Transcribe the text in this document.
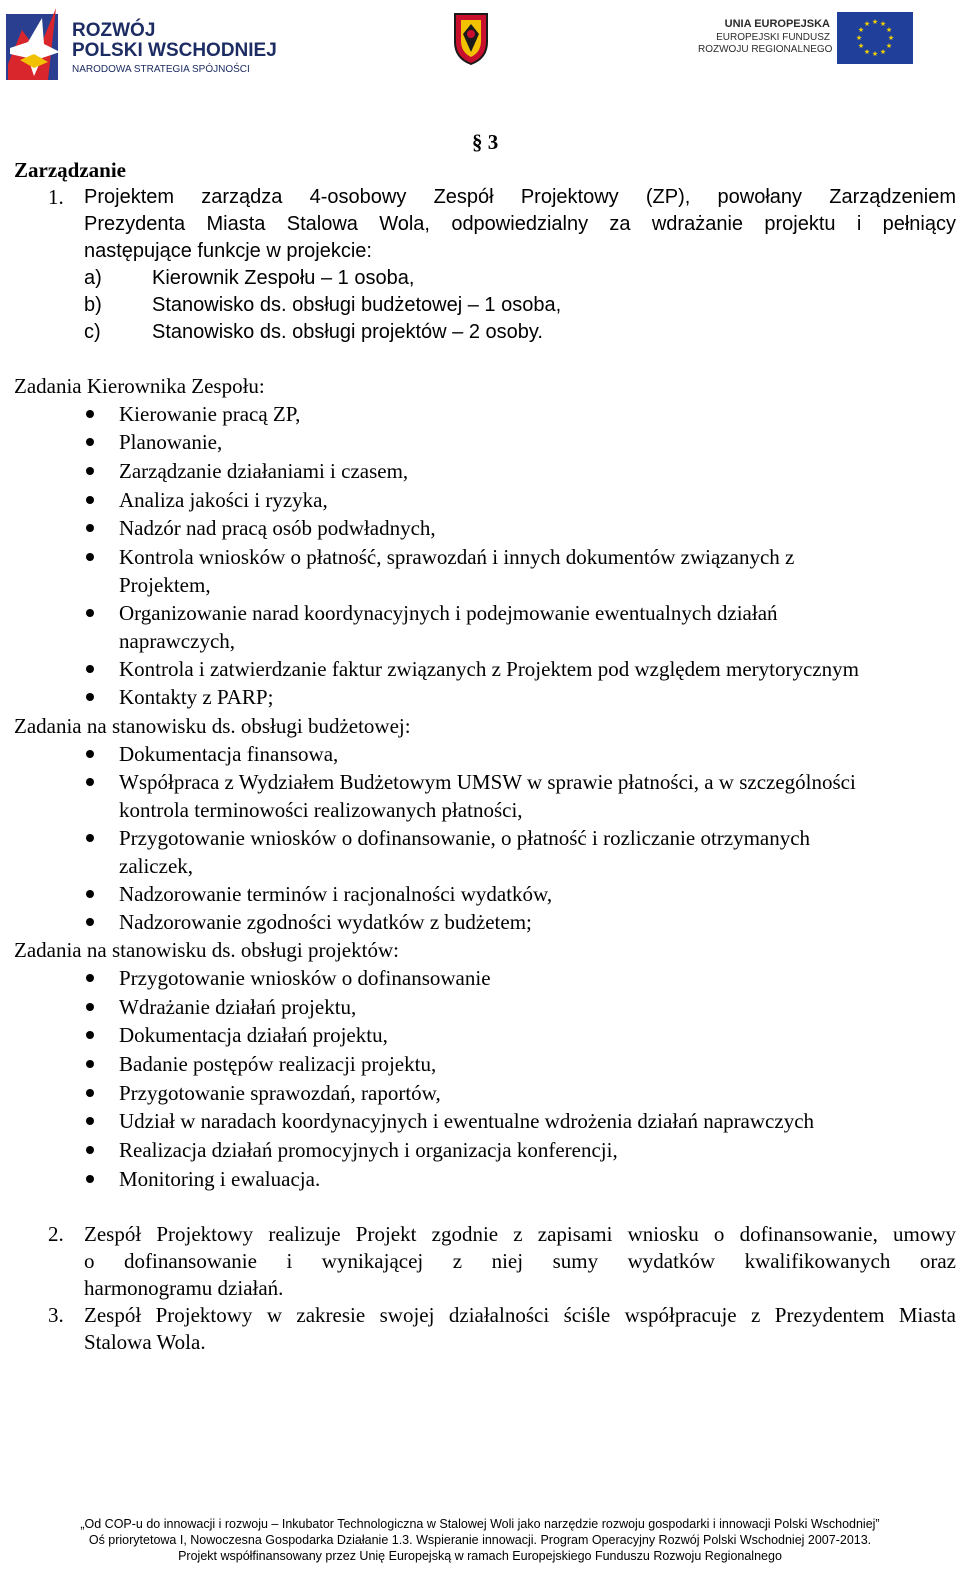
ROZWÓJ
POLSKI WSCHODNIEJ
NARODOWA STRATEGIA SPÓJNOŚCI
UNIA EUROPEJSKA
EUROPEJSKI FUNDUSZ
ROZWOJU REGIONALNEGO
★ ★
★
★
★
★
★
★
★
★
★
★
§ 3
Zarządzanie
1. Projektem zarządza 4-osobowy Zespół Projektowy (ZP), powołany Zarządzeniem
Prezydenta Miasta Stalowa Wola, odpowiedzialny za wdrażanie projektu i pełniący
następujące funkcje w projekcie:
a)	Kierownik Zespołu – 1 osoba,
b)	Stanowisko ds. obsługi budżetowej – 1 osoba,
c)	Stanowisko ds. obsługi projektów – 2 osoby.
Zadania Kierownika Zespołu:
Kierowanie pracą ZP,
Planowanie,
Zarządzanie działaniami i czasem,
Analiza jakości i ryzyka,
Nadzór nad pracą osób podwładnych,
Kontrola wniosków o płatność, sprawozdań i innych dokumentów związanych z
Projektem,
Organizowanie narad koordynacyjnych i podejmowanie ewentualnych działań
naprawczych,
Kontrola i zatwierdzanie faktur związanych z Projektem pod względem merytorycznym
Kontakty z PARP;
Zadania na stanowisku ds. obsługi budżetowej:
Dokumentacja finansowa,
Współpraca z Wydziałem Budżetowym UMSW w sprawie płatności, a w szczególności
kontrola terminowości realizowanych płatności,
Przygotowanie wniosków o dofinansowanie, o płatność i rozliczanie otrzymanych
zaliczek,
Nadzorowanie terminów i racjonalności wydatków,
Nadzorowanie zgodności wydatków z budżetem;
Zadania na stanowisku ds. obsługi projektów:
Przygotowanie wniosków o dofinansowanie
Wdrażanie działań projektu,
Dokumentacja działań projektu,
Badanie postępów realizacji projektu,
Przygotowanie sprawozdań, raportów,
Udział w naradach koordynacyjnych i ewentualne wdrożenia działań naprawczych
Realizacja działań promocyjnych i organizacja konferencji,
Monitoring i ewaluacja.
2. Zespół Projektowy realizuje Projekt zgodnie z zapisami wniosku o dofinansowanie, umowy
o dofinansowanie i wynikającej z niej sumy wydatków kwalifikowanych oraz
harmonogramu działań.
3. Zespół Projektowy w zakresie swojej działalności ściśle współpracuje z Prezydentem Miasta
Stalowa Wola.
„Od COP-u do innowacji i rozwoju – Inkubator Technologiczna w Stalowej Woli jako narzędzie rozwoju gospodarki i innowacji Polski Wschodniej”
Oś priorytetowa I, Nowoczesna Gospodarka Działanie 1.3. Wspieranie innowacji. Program Operacyjny Rozwój Polski Wschodniej 2007-2013.
Projekt współfinansowany przez Unię Europejską w ramach Europejskiego Funduszu Rozwoju Regionalnego
